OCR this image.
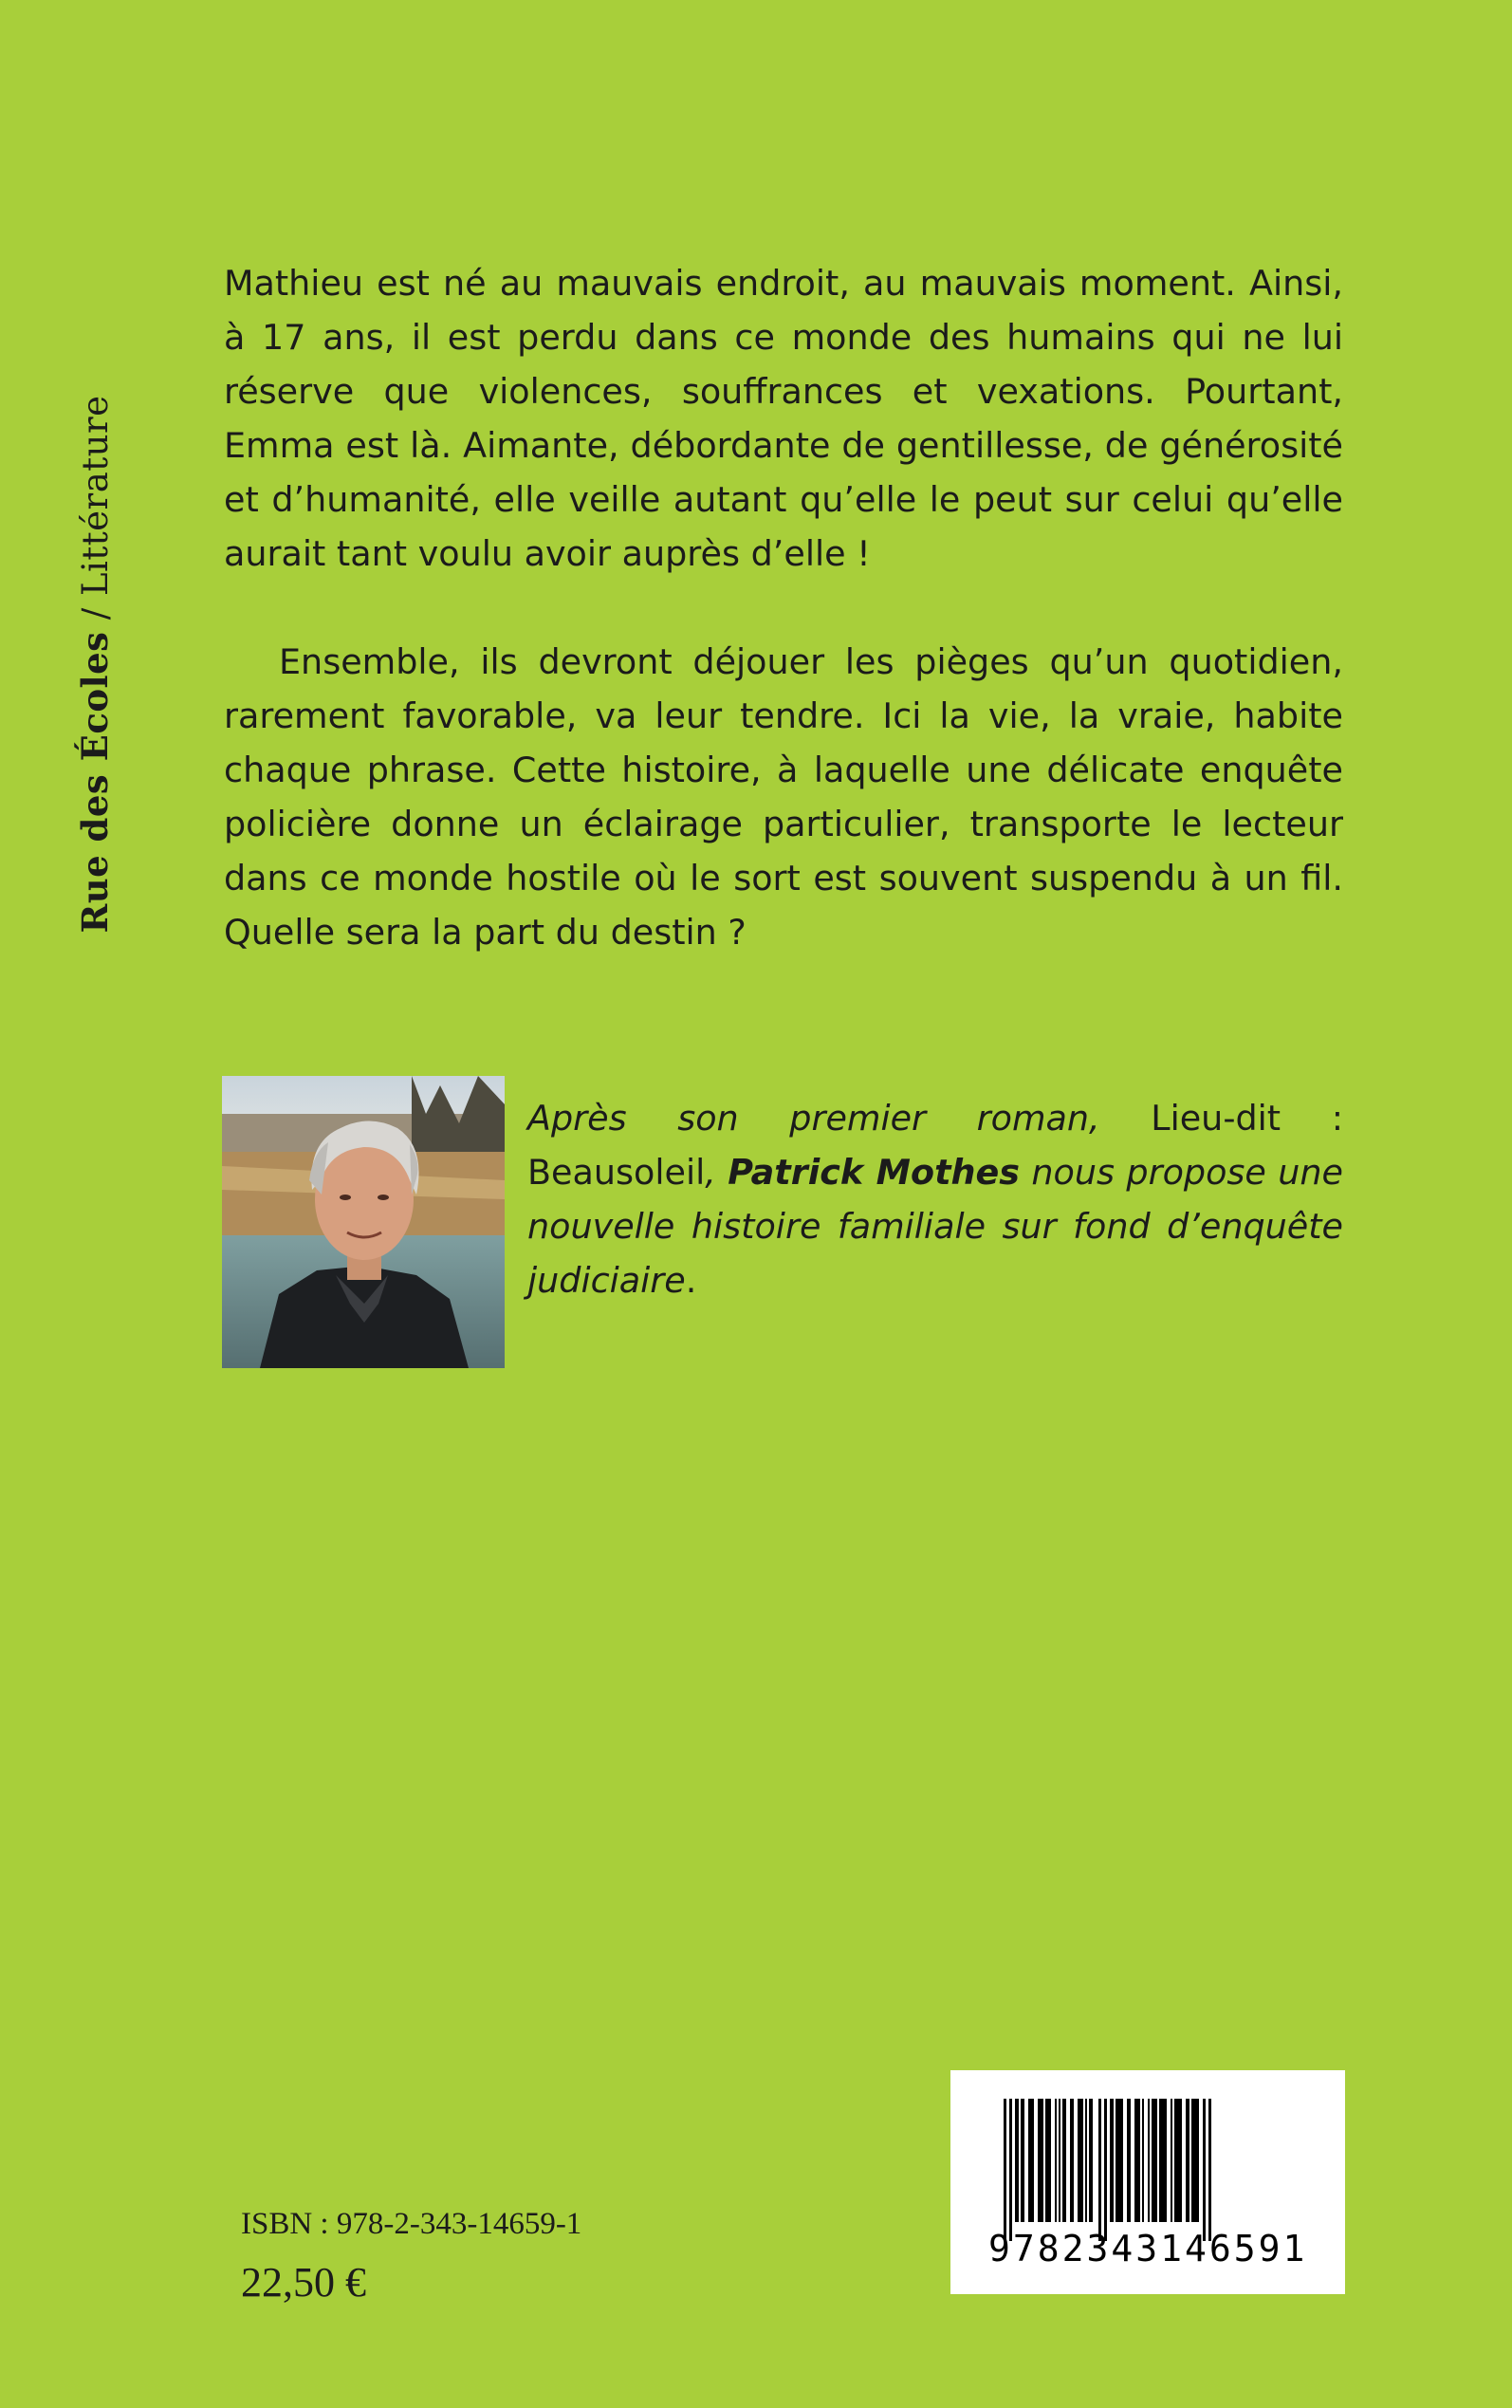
Rue des Écoles / Littérature

Mathieu est né au mauvais endroit, au mauvais moment. Ainsi, à 17 ans, il est perdu dans ce monde des humains qui ne lui réserve que violences, souffrances et vexations. Pourtant, Emma est là. Aimante, débordante de gentillesse, de générosité et d’humanité, elle veille autant qu’elle le peut sur celui qu’elle aurait tant voulu avoir auprès d’elle !

Ensemble, ils devront déjouer les pièges qu’un quotidien, rarement favorable, va leur tendre. Ici la vie, la vraie, habite chaque phrase. Cette histoire, à laquelle une délicate enquête policière donne un éclairage particulier, transporte le lecteur dans ce monde hostile où le sort est souvent suspendu à un fil. Quelle sera la part du destin ?

Après son premier roman, Lieu-dit : Beausoleil, Patrick Mothes nous propose une nouvelle histoire familiale sur fond d’enquête judiciaire.

9782343146591
ISBN : 978-2-343-14659-1
22,50 €
